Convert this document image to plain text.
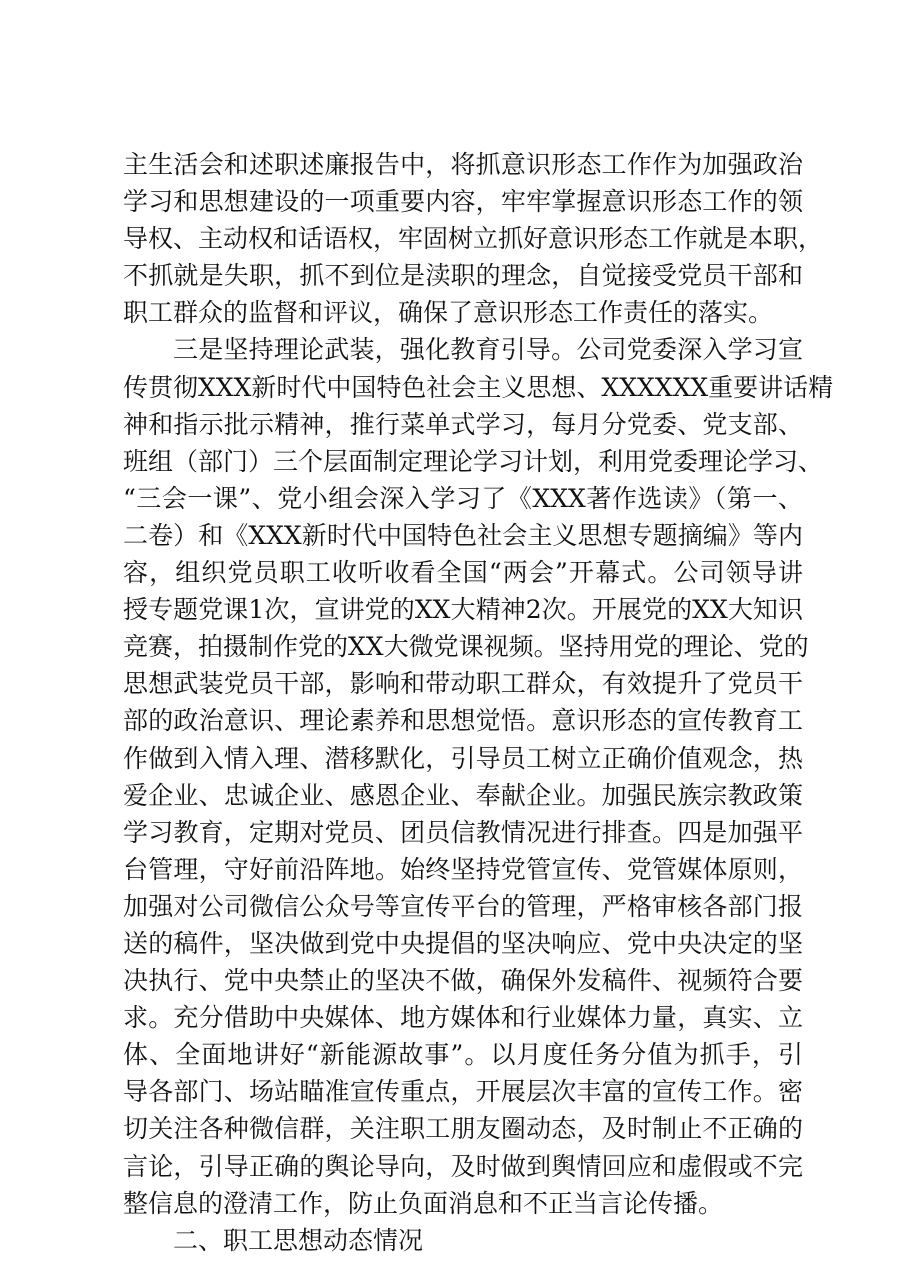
主生活会和述职述廉报告中，将抓意识形态工作作为加强政治
学习和思想建设的一项重要内容，牢牢掌握意识形态工作的领
导权、主动权和话语权，牢固树立抓好意识形态工作就是本职，
不抓就是失职，抓不到位是渎职的理念，自觉接受党员干部和
职工群众的监督和评议，确保了意识形态工作责任的落实。
三是坚持理论武装，强化教育引导。公司党委深入学习宣
传贯彻XXX新时代中国特色社会主义思想、XXXXXX重要讲话精
神和指示批示精神，推行菜单式学习，每月分党委、党支部、
班组（部门）三个层面制定理论学习计划，利用党委理论学习、
“三会一课”、党小组会深入学习了《XXX著作选读》（第一、
二卷）和《XXX新时代中国特色社会主义思想专题摘编》等内
容，组织党员职工收听收看全国“两会”开幕式。公司领导讲
授专题党课1次，宣讲党的XX大精神2次。开展党的XX大知识
竞赛，拍摄制作党的XX大微党课视频。坚持用党的理论、党的
思想武装党员干部，影响和带动职工群众，有效提升了党员干
部的政治意识、理论素养和思想觉悟。意识形态的宣传教育工
作做到入情入理、潜移默化，引导员工树立正确价值观念，热
爱企业、忠诚企业、感恩企业、奉献企业。加强民族宗教政策
学习教育，定期对党员、团员信教情况进行排查。四是加强平
台管理，守好前沿阵地。始终坚持党管宣传、党管媒体原则，
加强对公司微信公众号等宣传平台的管理，严格审核各部门报
送的稿件，坚决做到党中央提倡的坚决响应、党中央决定的坚
决执行、党中央禁止的坚决不做，确保外发稿件、视频符合要
求。充分借助中央媒体、地方媒体和行业媒体力量，真实、立
体、全面地讲好“新能源故事”。以月度任务分值为抓手，引
导各部门、场站瞄准宣传重点，开展层次丰富的宣传工作。密
切关注各种微信群，关注职工朋友圈动态，及时制止不正确的
言论，引导正确的舆论导向，及时做到舆情回应和虚假或不完
整信息的澄清工作，防止负面消息和不正当言论传播。
二、职工思想动态情况
